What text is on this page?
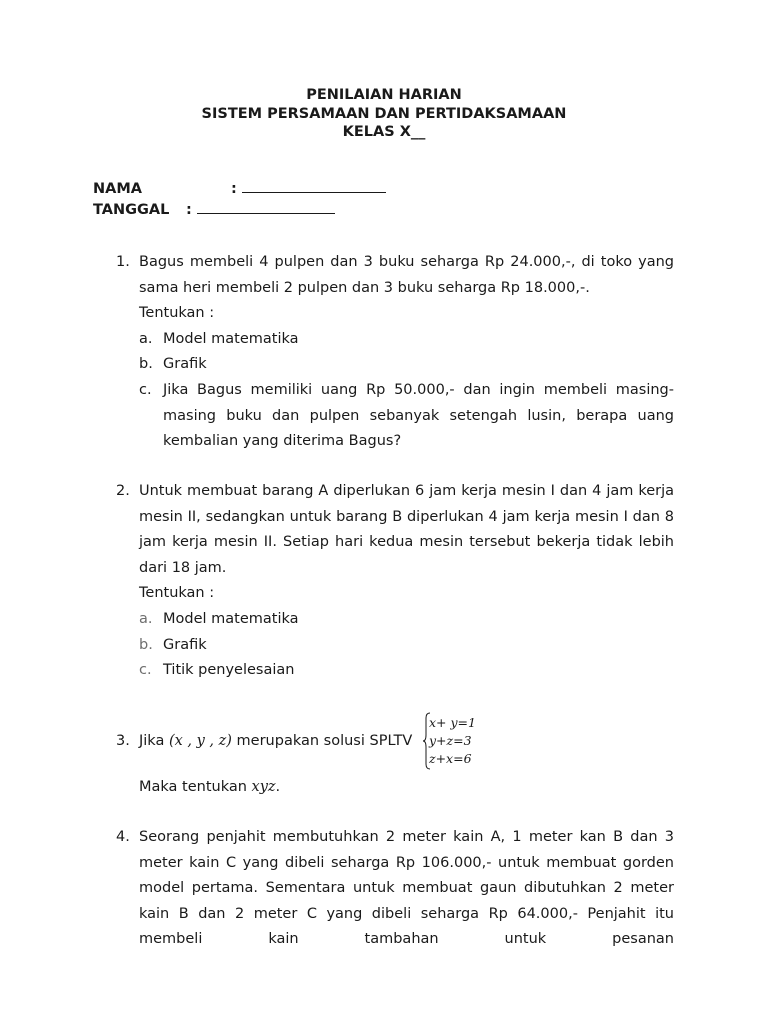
PENILAIAN HARIAN
SISTEM PERSAMAAN DAN PERTIDAKSAMAAN
KELAS X__
NAMA	:
TANGGAL :
1. Bagus membeli 4 pulpen dan 3 buku seharga Rp 24.000,-, di toko yang sama heri membeli 2 pulpen dan 3 buku seharga Rp 18.000,-.

Tentukan :

a. Model matematika
b. Grafik
c. Jika Bagus memiliki uang Rp 50.000,- dan ingin membeli masing-masing buku dan pulpen sebanyak setengah lusin, berapa uang kembalian yang diterima Bagus?
2. Untuk membuat barang A diperlukan 6 jam kerja mesin I dan 4 jam kerja mesin II, sedangkan untuk barang B diperlukan 4 jam kerja mesin I dan 8 jam kerja mesin II. Setiap hari kedua mesin tersebut bekerja tidak lebih dari 18 jam.

Tentukan :

a. Model matematika
b. Grafik
c. Titik penyelesaian
3. Jika (x , y , z) merupakan solusi SPLTV

Maka tentukan xyz.

x+ y=1
y+z=3
z+x=6
4. Seorang penjahit membutuhkan 2 meter kain A, 1 meter kan B dan 3 meter kain C yang dibeli seharga Rp 106.000,- untuk membuat gorden model pertama. Sementara untuk membuat gaun dibutuhkan 2 meter kain B dan 2 meter C yang dibeli seharga Rp 64.000,- Penjahit itu membeli kain tambahan untuk pesanan
